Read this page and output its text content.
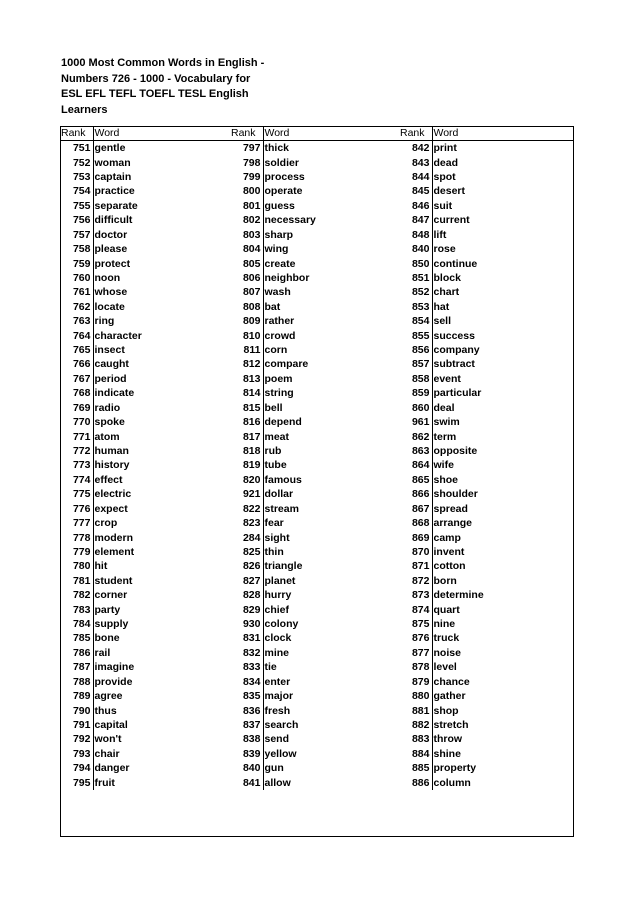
1000 Most Common Words in English -
Numbers 726 - 1000 - Vocabulary for
ESL EFL TEFL TOEFL TESL English
Learners
Rank	Word
751	gentle
752	woman
753	captain
754	practice
755	separate
756	difficult
757	doctor
758	please
759	protect
760	noon
761	whose
762	locate
763	ring
764	character
765	insect
766	caught
767	period
768	indicate
769	radio
770	spoke
771	atom
772	human
773	history
774	effect
775	electric
776	expect
777	crop
778	modern
779	element
780	hit
781	student
782	corner
783	party
784	supply
785	bone
786	rail
787	imagine
788	provide
789	agree
790	thus
791	capital
792	won't
793	chair
794	danger
795	fruit
Rank	Word
797	thick
798	soldier
799	process
800	operate
801	guess
802	necessary
803	sharp
804	wing
805	create
806	neighbor
807	wash
808	bat
809	rather
810	crowd
811	corn
812	compare
813	poem
814	string
815	bell
816	depend
817	meat
818	rub
819	tube
820	famous
921	dollar
822	stream
823	fear
284	sight
825	thin
826	triangle
827	planet
828	hurry
829	chief
930	colony
831	clock
832	mine
833	tie
834	enter
835	major
836	fresh
837	search
838	send
839	yellow
840	gun
841	allow
Rank	Word
842	print
843	dead
844	spot
845	desert
846	suit
847	current
848	lift
840	rose
850	continue
851	block
852	chart
853	hat
854	sell
855	success
856	company
857	subtract
858	event
859	particular
860	deal
961	swim
862	term
863	opposite
864	wife
865	shoe
866	shoulder
867	spread
868	arrange
869	camp
870	invent
871	cotton
872	born
873	determine
874	quart
875	nine
876	truck
877	noise
878	level
879	chance
880	gather
881	shop
882	stretch
883	throw
884	shine
885	property
886	column
